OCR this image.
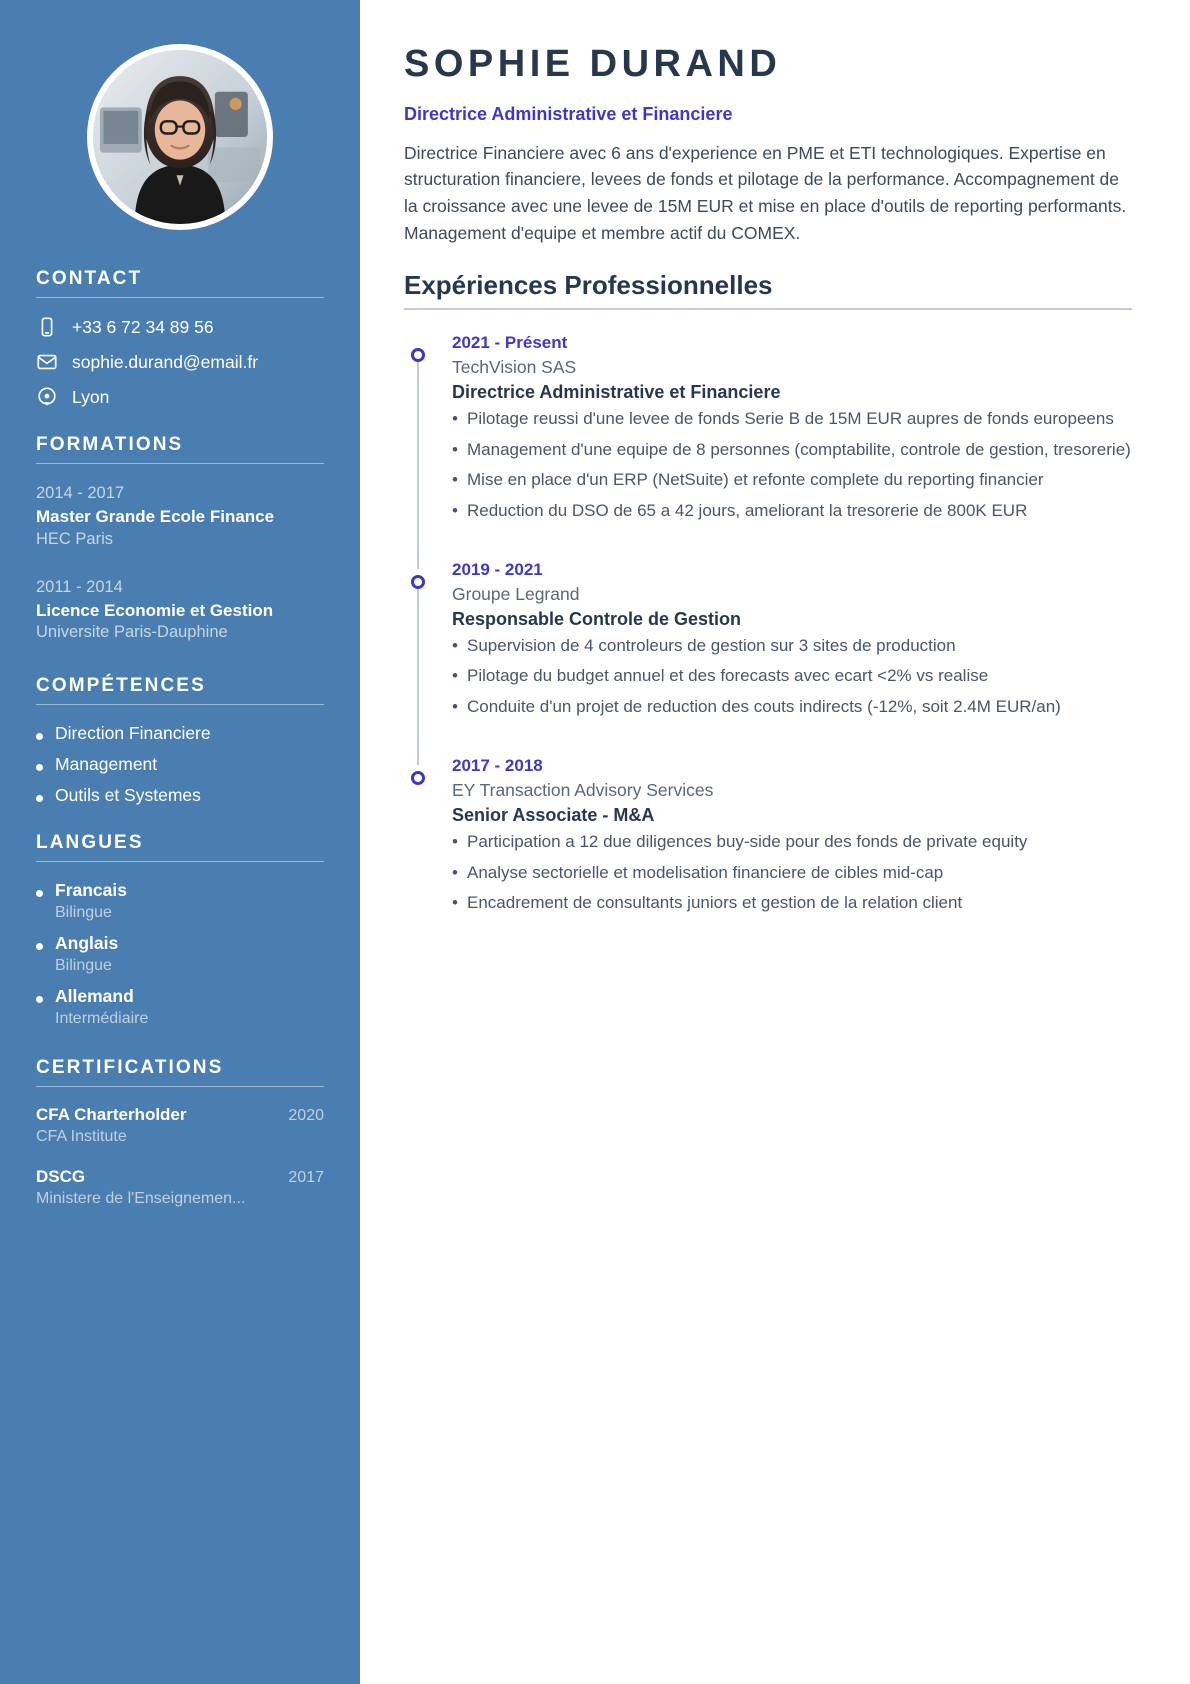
CONTACT
+33 6 72 34 89 56
sophie.durand@email.fr
Lyon
FORMATIONS
2014 - 2017
Master Grande Ecole Finance
HEC Paris
2011 - 2014
Licence Economie et Gestion
Universite Paris-Dauphine
COMPÉTENCES
Direction Financiere
Management
Outils et Systemes
LANGUES
Francais
Bilingue
Anglais
Bilingue
Allemand
Intermédiaire
CERTIFICATIONS
CFA Charterholder	2020
CFA Institute
DSCG	2017
Ministere de l'Enseignemen...
SOPHIE DURAND
Directrice Administrative et Financiere

Directrice Financiere avec 6 ans d'experience en PME et ETI technologiques. Expertise en structuration financiere, levees de fonds et pilotage de la performance. Accompagnement de la croissance avec une levee de 15M EUR et mise en place d'outils de reporting performants. Management d'equipe et membre actif du COMEX.

Expériences Professionnelles
2021 - Présent
TechVision SAS
Directrice Administrative et Financiere
• Pilotage reussi d'une levee de fonds Serie B de 15M EUR aupres de fonds europeens
• Management d'une equipe de 8 personnes (comptabilite, controle de gestion, tresorerie)
• Mise en place d'un ERP (NetSuite) et refonte complete du reporting financier
• Reduction du DSO de 65 a 42 jours, ameliorant la tresorerie de 800K EUR
2019 - 2021
Groupe Legrand
Responsable Controle de Gestion
• Supervision de 4 controleurs de gestion sur 3 sites de production
• Pilotage du budget annuel et des forecasts avec ecart <2% vs realise
• Conduite d'un projet de reduction des couts indirects (-12%, soit 2.4M EUR/an)
2017 - 2018
EY Transaction Advisory Services
Senior Associate - M&A
• Participation a 12 due diligences buy-side pour des fonds de private equity
• Analyse sectorielle et modelisation financiere de cibles mid-cap
• Encadrement de consultants juniors et gestion de la relation client
